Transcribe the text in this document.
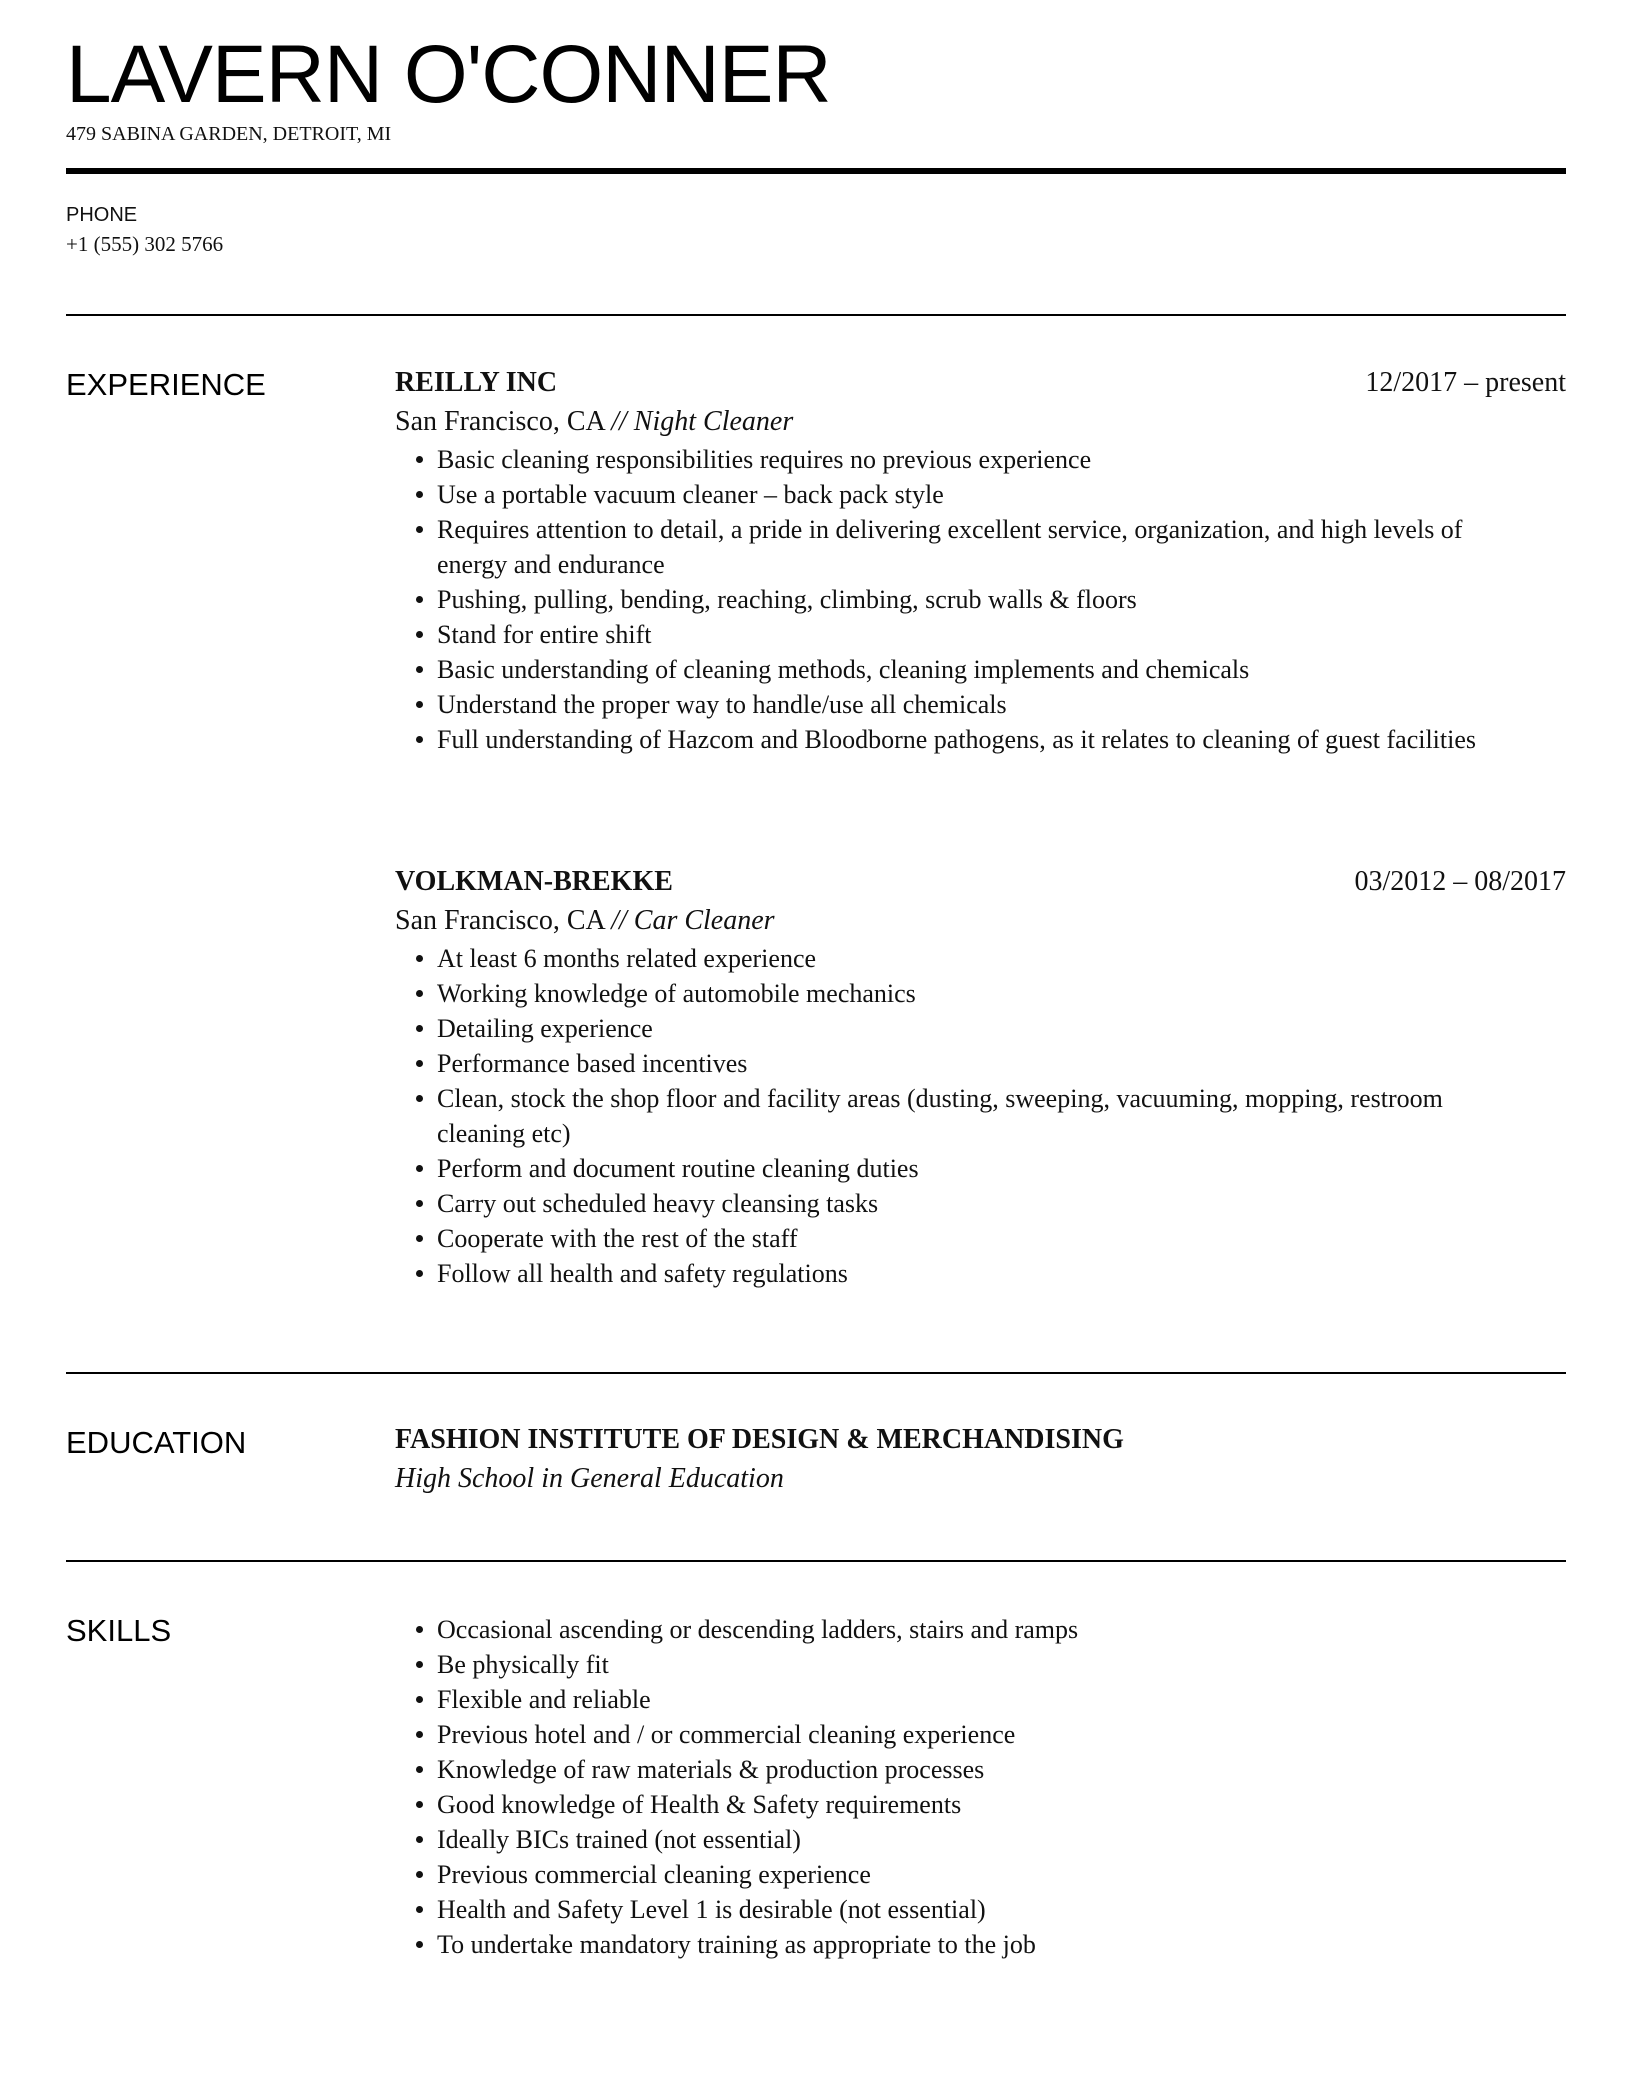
LAVERN O'CONNER
479 SABINA GARDEN, DETROIT, MI
PHONE
+1 (555) 302 5766
EXPERIENCE	REILLY INC	12/2017 – present
San Francisco, CA // Night Cleaner
Basic cleaning responsibilities requires no previous experience
Use a portable vacuum cleaner – back pack style
Requires attention to detail, a pride in delivering excellent service, organization, and high levels of energy and endurance
Pushing, pulling, bending, reaching, climbing, scrub walls & floors
Stand for entire shift
Basic understanding of cleaning methods, cleaning implements and chemicals
Understand the proper way to handle/use all chemicals
Full understanding of Hazcom and Bloodborne pathogens, as it relates to cleaning of guest facilities
VOLKMAN-BREKKE	03/2012 – 08/2017
San Francisco, CA // Car Cleaner
At least 6 months related experience
Working knowledge of automobile mechanics
Detailing experience
Performance based incentives
Clean, stock the shop floor and facility areas (dusting, sweeping, vacuuming, mopping, restroom cleaning etc)
Perform and document routine cleaning duties
Carry out scheduled heavy cleansing tasks
Cooperate with the rest of the staff
Follow all health and safety regulations
EDUCATION	FASHION INSTITUTE OF DESIGN & MERCHANDISING
High School in General Education
SKILLS	Occasional ascending or descending ladders, stairs and ramps
Be physically fit
Flexible and reliable
Previous hotel and / or commercial cleaning experience
Knowledge of raw materials & production processes
Good knowledge of Health & Safety requirements
Ideally BICs trained (not essential)
Previous commercial cleaning experience
Health and Safety Level 1 is desirable (not essential)
To undertake mandatory training as appropriate to the job
